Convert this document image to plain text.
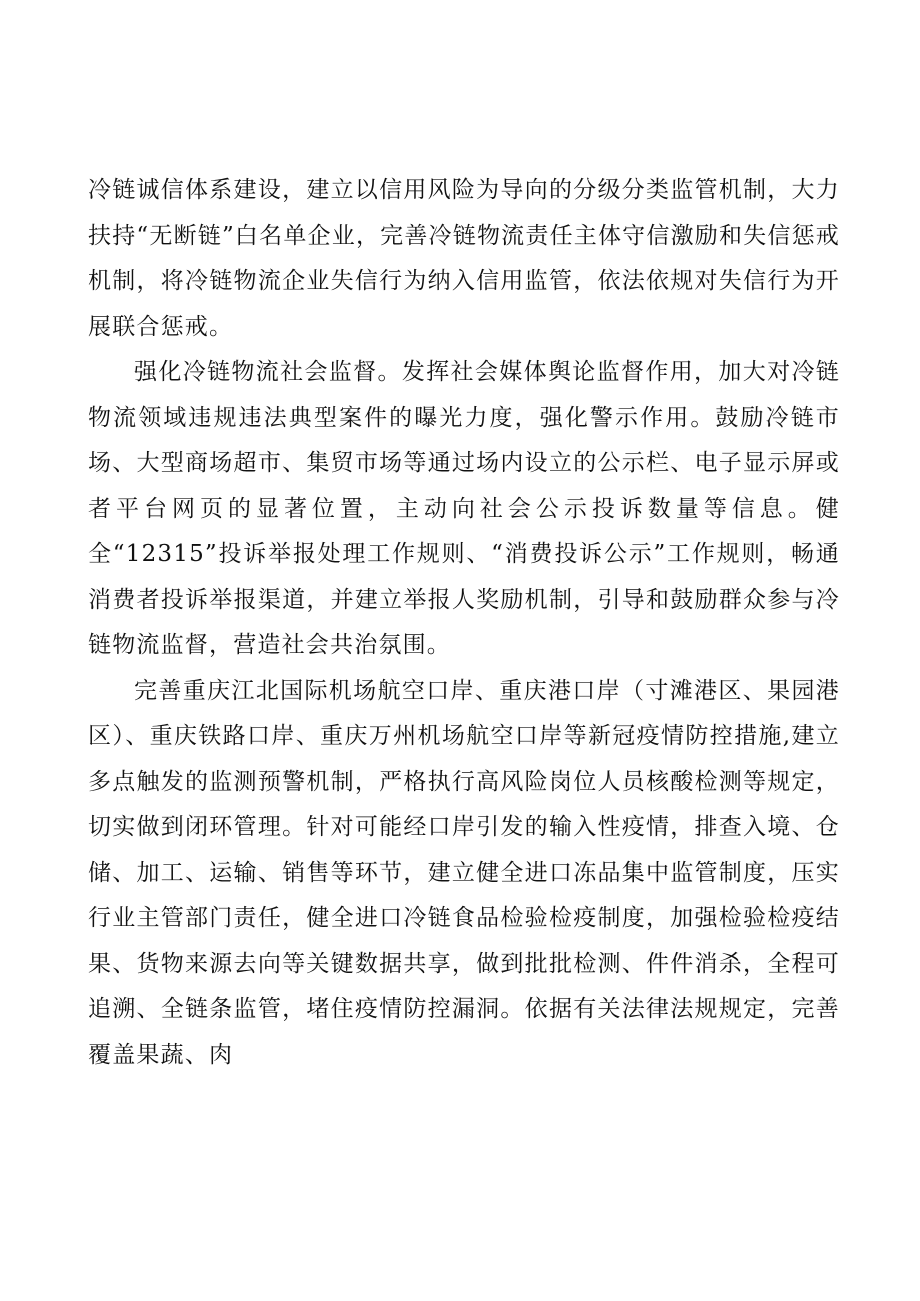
冷链诚信体系建设，建立以信用风险为导向的分级分类监管机制，大力扶持“无断链”白名单企业，完善冷链物流责任主体守信激励和失信惩戒机制，将冷链物流企业失信行为纳入信用监管，依法依规对失信行为开展联合惩戒。

强化冷链物流社会监督。发挥社会媒体舆论监督作用，加大对冷链物流领域违规违法典型案件的曝光力度，强化警示作用。鼓励冷链市场、大型商场超市、集贸市场等通过场内设立的公示栏、电子显示屏或者平台网页的显著位置，主动向社会公示投诉数量等信息。健全“12315”投诉举报处理工作规则、“消费投诉公示”工作规则，畅通消费者投诉举报渠道，并建立举报人奖励机制，引导和鼓励群众参与冷链物流监督，营造社会共治氛围。

完善重庆江北国际机场航空口岸、重庆港口岸（寸滩港区、果园港区）、重庆铁路口岸、重庆万州机场航空口岸等新冠疫情防控措施,建立多点触发的监测预警机制，严格执行高风险岗位人员核酸检测等规定，切实做到闭环管理。针对可能经口岸引发的输入性疫情，排查入境、仓储、加工、运输、销售等环节，建立健全进口冻品集中监管制度，压实行业主管部门责任，健全进口冷链食品检验检疫制度，加强检验检疫结果、货物来源去向等关键数据共享，做到批批检测、件件消杀，全程可追溯、全链条监管，堵住疫情防控漏洞。依据有关法律法规规定，完善覆盖果蔬、肉
